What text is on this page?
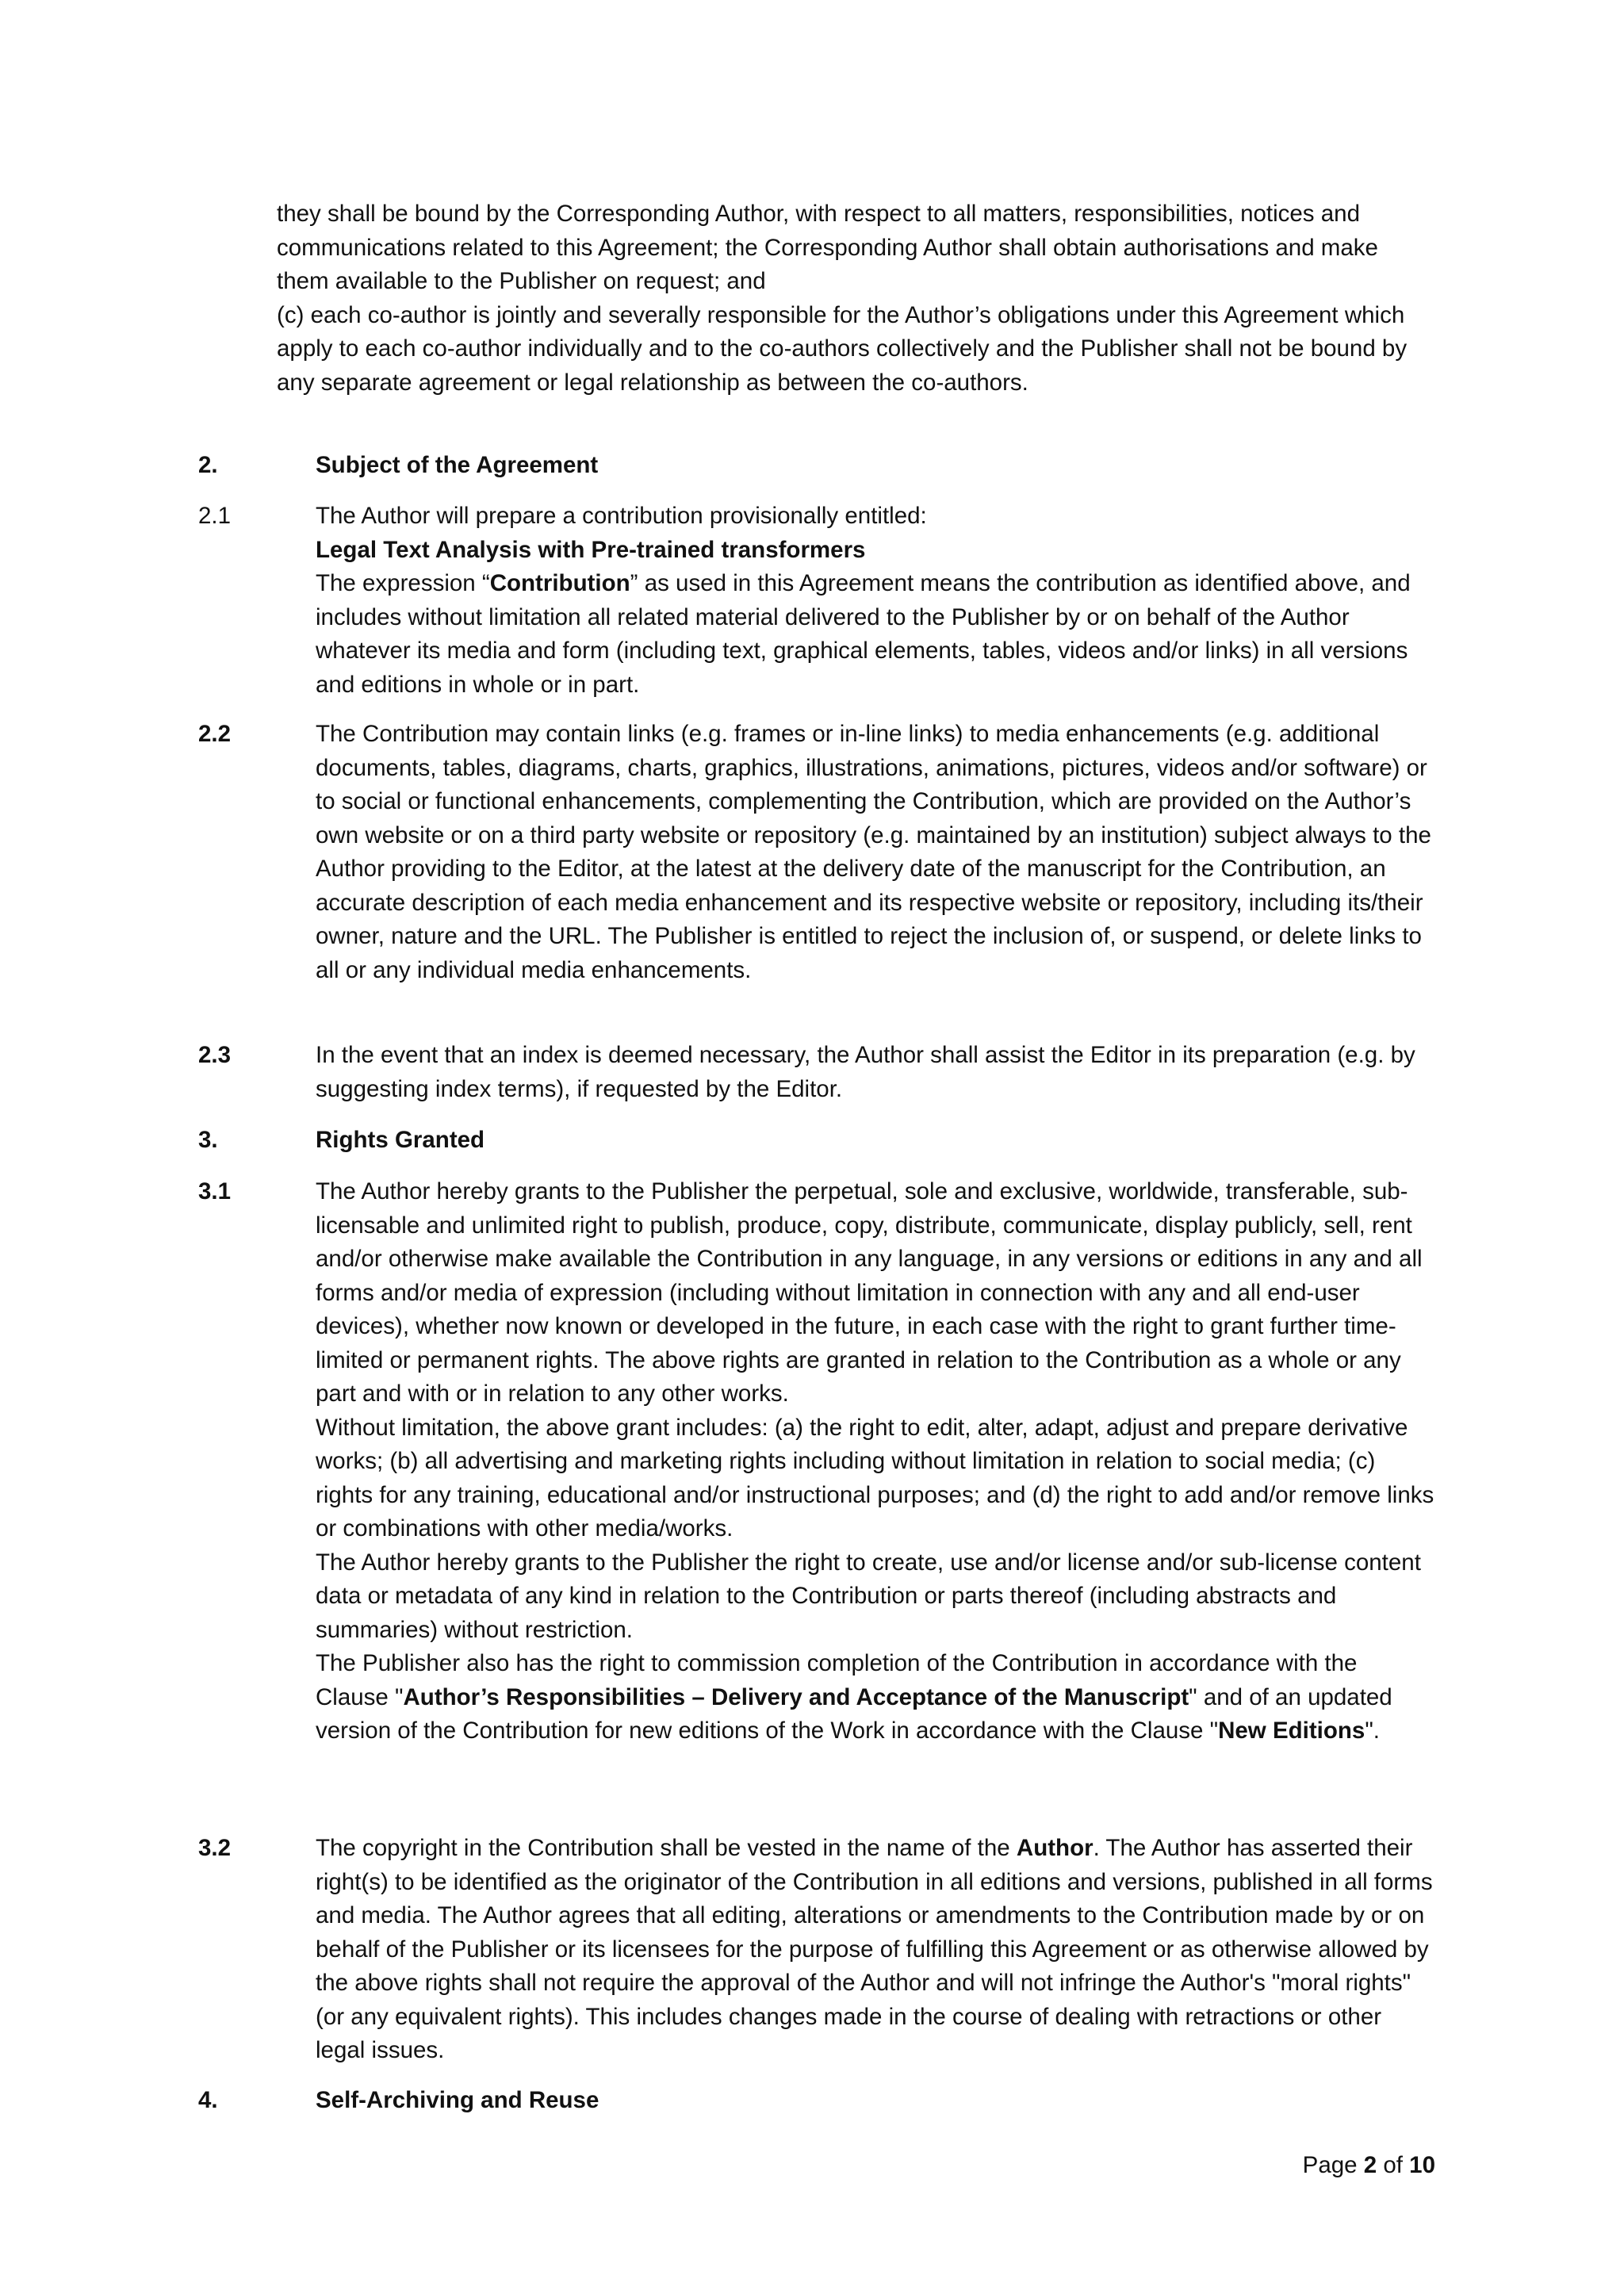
they shall be bound by the Corresponding Author, with respect to all matters, responsibilities, notices and communications related to this Agreement; the Corresponding Author shall obtain authorisations and make them available to the Publisher on request; and

(c) each co-author is jointly and severally responsible for the Author’s obligations under this Agreement which apply to each co-author individually and to the co-authors collectively and the Publisher shall not be bound by any separate agreement or legal relationship as between the co-authors.

2.	Subject of the Agreement
2.1	The Author will prepare a contribution provisionally entitled:

Legal Text Analysis with Pre-trained transformers

The expression “Contribution” as used in this Agreement means the contribution as identified above, and includes without limitation all related material delivered to the Publisher by or on behalf of the Author whatever its media and form (including text, graphical elements, tables, videos and/or links) in all versions and editions in whole or in part.

2.2	The Contribution may contain links (e.g. frames or in-line links) to media enhancements (e.g. additional documents, tables, diagrams, charts, graphics, illustrations, animations, pictures, videos and/or software) or to social or functional enhancements, complementing the Contribution, which are provided on the Author’s own website or on a third party website or repository (e.g. maintained by an institution) subject always to the Author providing to the Editor, at the latest at the delivery date of the manuscript for the Contribution, an accurate description of each media enhancement and its respective website or repository, including its/their owner, nature and the URL. The Publisher is entitled to reject the inclusion of, or suspend, or delete links to all or any individual media enhancements.

2.3	In the event that an index is deemed necessary, the Author shall assist the Editor in its preparation (e.g. by suggesting index terms), if requested by the Editor.

3.	Rights Granted
3.1	The Author hereby grants to the Publisher the perpetual, sole and exclusive, worldwide, transferable, sub-licensable and unlimited right to publish, produce, copy, distribute, communicate, display publicly, sell, rent and/or otherwise make available the Contribution in any language, in any versions or editions in any and all forms and/or media of expression (including without limitation in connection with any and all end-user devices), whether now known or developed in the future, in each case with the right to grant further time-limited or permanent rights. The above rights are granted in relation to the Contribution as a whole or any part and with or in relation to any other works.

Without limitation, the above grant includes: (a) the right to edit, alter, adapt, adjust and prepare derivative works; (b) all advertising and marketing rights including without limitation in relation to social media; (c) rights for any training, educational and/or instructional purposes; and (d) the right to add and/or remove links or combinations with other media/works.

The Author hereby grants to the Publisher the right to create, use and/or license and/or sub-license content data or metadata of any kind in relation to the Contribution or parts thereof (including abstracts and summaries) without restriction.

The Publisher also has the right to commission completion of the Contribution in accordance with the Clause "Author’s Responsibilities – Delivery and Acceptance of the Manuscript" and of an updated version of the Contribution for new editions of the Work in accordance with the Clause "New Editions".

3.2	The copyright in the Contribution shall be vested in the name of the Author. The Author has asserted their right(s) to be identified as the originator of the Contribution in all editions and versions, published in all forms and media. The Author agrees that all editing, alterations or amendments to the Contribution made by or on behalf of the Publisher or its licensees for the purpose of fulfilling this Agreement or as otherwise allowed by the above rights shall not require the approval of the Author and will not infringe the Author's "moral rights" (or any equivalent rights). This includes changes made in the course of dealing with retractions or other legal issues.

4.	Self-Archiving and Reuse
Page 2 of 10
